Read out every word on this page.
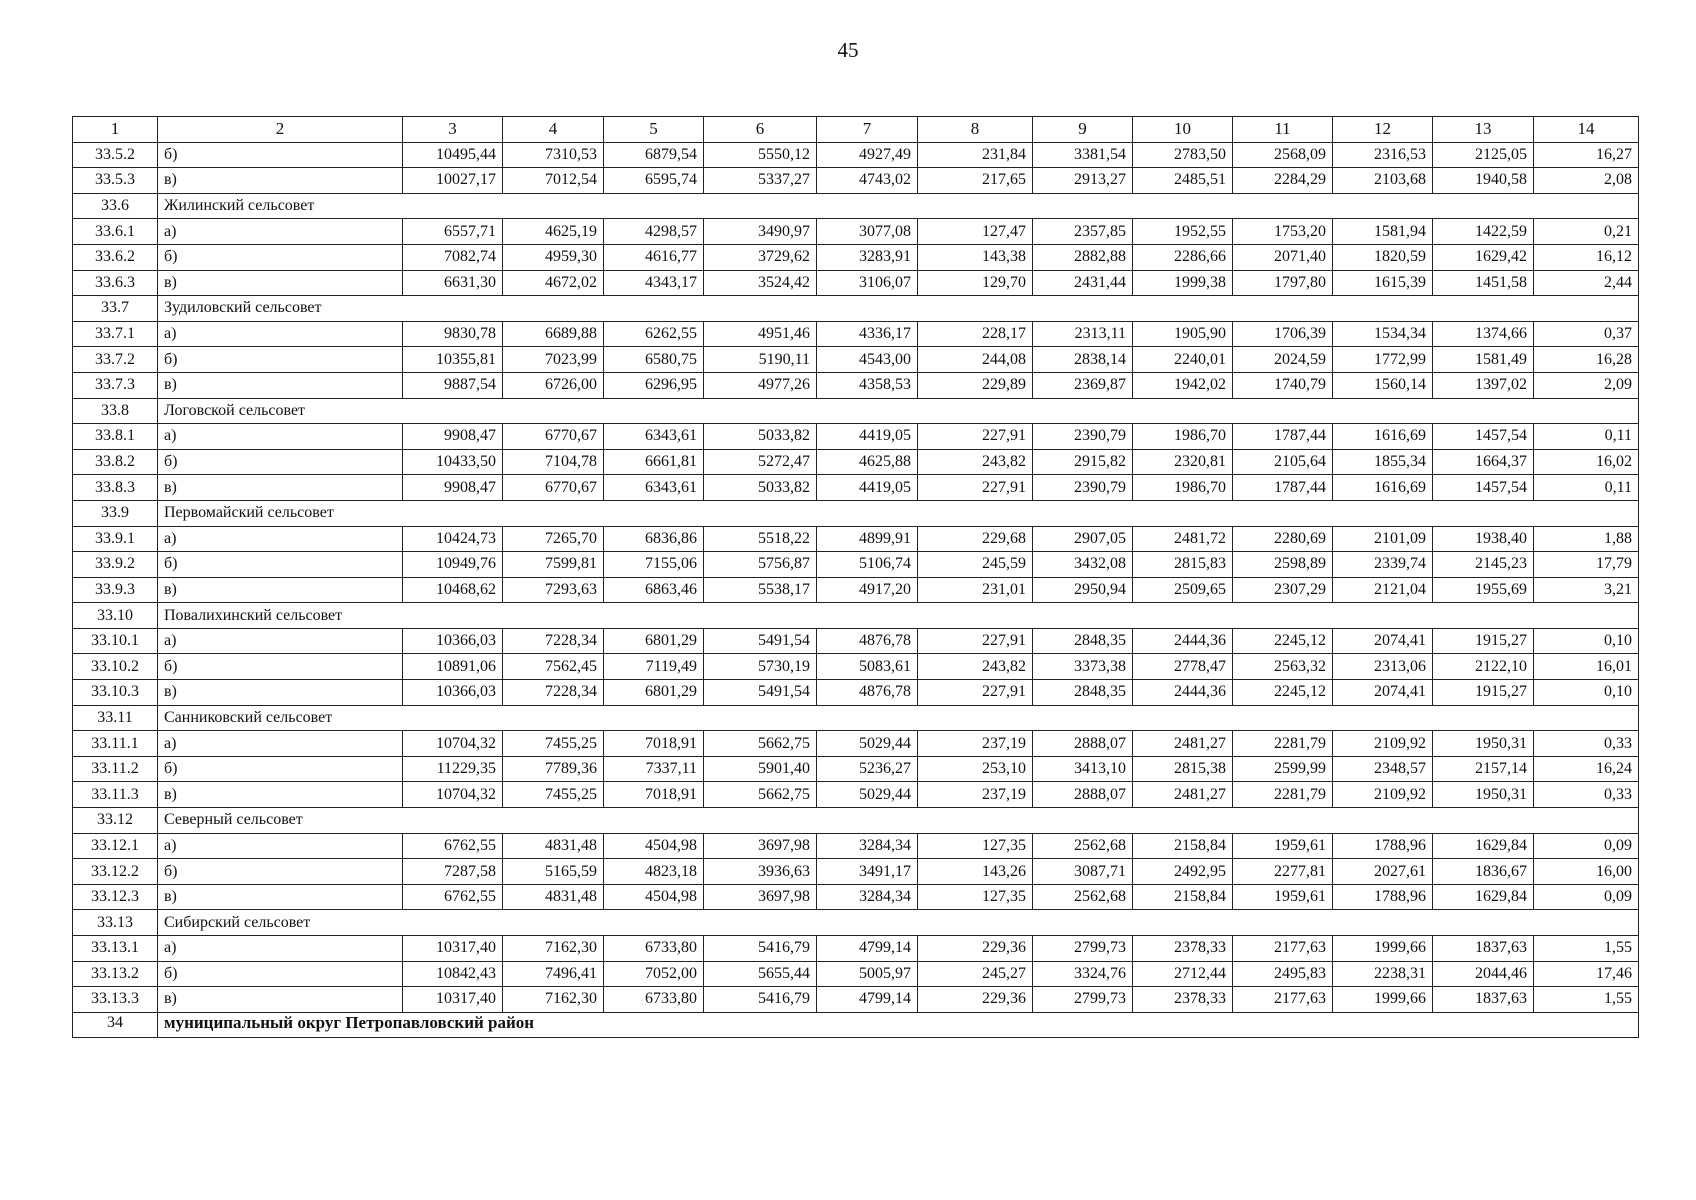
45
1	2	3	4	5	6	7	8	9	10	11	12	13	14
33.5.2	б)	10495,44	7310,53	6879,54	5550,12	4927,49	231,84	3381,54	2783,50	2568,09	2316,53	2125,05	16,27
33.5.3	в)	10027,17	7012,54	6595,74	5337,27	4743,02	217,65	2913,27	2485,51	2284,29	2103,68	1940,58	2,08
33.6	Жилинский сельсовет												
33.6.1	а)	6557,71	4625,19	4298,57	3490,97	3077,08	127,47	2357,85	1952,55	1753,20	1581,94	1422,59	0,21
33.6.2	б)	7082,74	4959,30	4616,77	3729,62	3283,91	143,38	2882,88	2286,66	2071,40	1820,59	1629,42	16,12
33.6.3	в)	6631,30	4672,02	4343,17	3524,42	3106,07	129,70	2431,44	1999,38	1797,80	1615,39	1451,58	2,44
33.7	Зудиловский сельсовет												
33.7.1	а)	9830,78	6689,88	6262,55	4951,46	4336,17	228,17	2313,11	1905,90	1706,39	1534,34	1374,66	0,37
33.7.2	б)	10355,81	7023,99	6580,75	5190,11	4543,00	244,08	2838,14	2240,01	2024,59	1772,99	1581,49	16,28
33.7.3	в)	9887,54	6726,00	6296,95	4977,26	4358,53	229,89	2369,87	1942,02	1740,79	1560,14	1397,02	2,09
33.8	Логовской сельсовет												
33.8.1	а)	9908,47	6770,67	6343,61	5033,82	4419,05	227,91	2390,79	1986,70	1787,44	1616,69	1457,54	0,11
33.8.2	б)	10433,50	7104,78	6661,81	5272,47	4625,88	243,82	2915,82	2320,81	2105,64	1855,34	1664,37	16,02
33.8.3	в)	9908,47	6770,67	6343,61	5033,82	4419,05	227,91	2390,79	1986,70	1787,44	1616,69	1457,54	0,11
33.9	Первомайский сельсовет												
33.9.1	а)	10424,73	7265,70	6836,86	5518,22	4899,91	229,68	2907,05	2481,72	2280,69	2101,09	1938,40	1,88
33.9.2	б)	10949,76	7599,81	7155,06	5756,87	5106,74	245,59	3432,08	2815,83	2598,89	2339,74	2145,23	17,79
33.9.3	в)	10468,62	7293,63	6863,46	5538,17	4917,20	231,01	2950,94	2509,65	2307,29	2121,04	1955,69	3,21
33.10	Повалихинский сельсовет												
33.10.1	а)	10366,03	7228,34	6801,29	5491,54	4876,78	227,91	2848,35	2444,36	2245,12	2074,41	1915,27	0,10
33.10.2	б)	10891,06	7562,45	7119,49	5730,19	5083,61	243,82	3373,38	2778,47	2563,32	2313,06	2122,10	16,01
33.10.3	в)	10366,03	7228,34	6801,29	5491,54	4876,78	227,91	2848,35	2444,36	2245,12	2074,41	1915,27	0,10
33.11	Санниковский сельсовет												
33.11.1	а)	10704,32	7455,25	7018,91	5662,75	5029,44	237,19	2888,07	2481,27	2281,79	2109,92	1950,31	0,33
33.11.2	б)	11229,35	7789,36	7337,11	5901,40	5236,27	253,10	3413,10	2815,38	2599,99	2348,57	2157,14	16,24
33.11.3	в)	10704,32	7455,25	7018,91	5662,75	5029,44	237,19	2888,07	2481,27	2281,79	2109,92	1950,31	0,33
33.12	Северный сельсовет												
33.12.1	а)	6762,55	4831,48	4504,98	3697,98	3284,34	127,35	2562,68	2158,84	1959,61	1788,96	1629,84	0,09
33.12.2	б)	7287,58	5165,59	4823,18	3936,63	3491,17	143,26	3087,71	2492,95	2277,81	2027,61	1836,67	16,00
33.12.3	в)	6762,55	4831,48	4504,98	3697,98	3284,34	127,35	2562,68	2158,84	1959,61	1788,96	1629,84	0,09
33.13	Сибирский сельсовет												
33.13.1	а)	10317,40	7162,30	6733,80	5416,79	4799,14	229,36	2799,73	2378,33	2177,63	1999,66	1837,63	1,55
33.13.2	б)	10842,43	7496,41	7052,00	5655,44	5005,97	245,27	3324,76	2712,44	2495,83	2238,31	2044,46	17,46
33.13.3	в)	10317,40	7162,30	6733,80	5416,79	4799,14	229,36	2799,73	2378,33	2177,63	1999,66	1837,63	1,55
34	муниципальный округ Петропавловский район												
